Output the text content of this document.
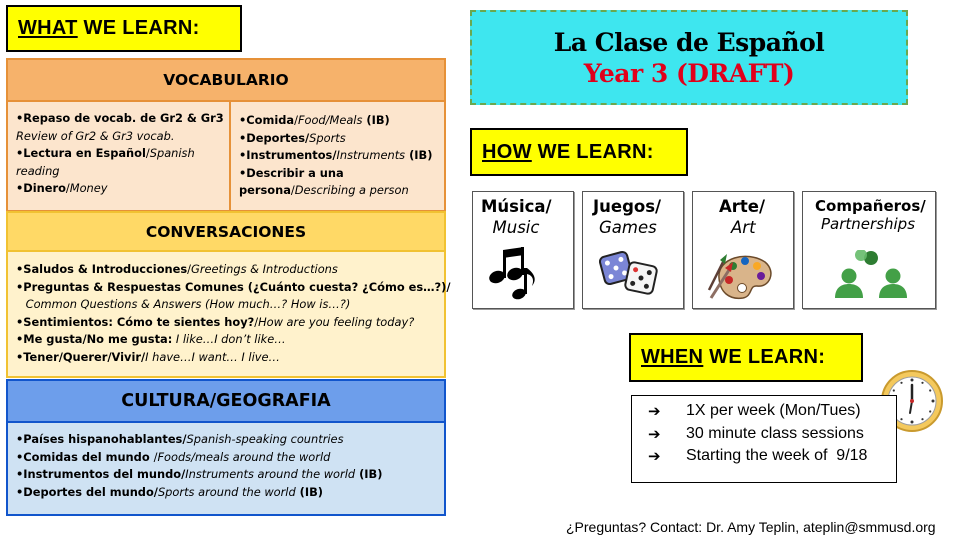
WHAT WE LEARN:
VOCABULARIO
•Repaso de vocab. de Gr2 & Gr3
Review of Gr2 & Gr3 vocab.
•Lectura en Español/Spanish
reading
•Dinero/Money
•Comida/Food/Meals (IB)
•Deportes/Sports
•Instrumentos/Instruments (IB)
•Describir a una
persona/Describing a person
CONVERSACIONES
•Saludos & Introducciones/Greetings & Introductions
•Preguntas & Respuestas Comunes (¿Cuánto cuesta? ¿Cómo es…?)/
Common Questions & Answers (How much…? How is…?)
•Sentimientos: Cómo te sientes hoy?/How are you feeling today?
•Me gusta/No me gusta: I like…I don’t like…
•Tener/Querer/Vivir/I have…I want… I live…
CULTURA/GEOGRAFIA
•Países hispanohablantes/Spanish-speaking countries
•Comidas del mundo /Foods/meals around the world
•Instrumentos del mundo/Instruments around the world (IB)
•Deportes del mundo/Sports around the world (IB)
La Clase de Español
Year 3 (DRAFT)
HOW WE LEARN:
Música/
Music
Juegos/
Games
Arte/
Art
Compañeros/
Partnerships
WHEN WE LEARN:
➔	1X per week (Mon/Tues)
➔	30 minute class sessions
➔	Starting the week of  9/18
¿Preguntas? Contact: Dr. Amy Teplin, ateplin@smmusd.org
